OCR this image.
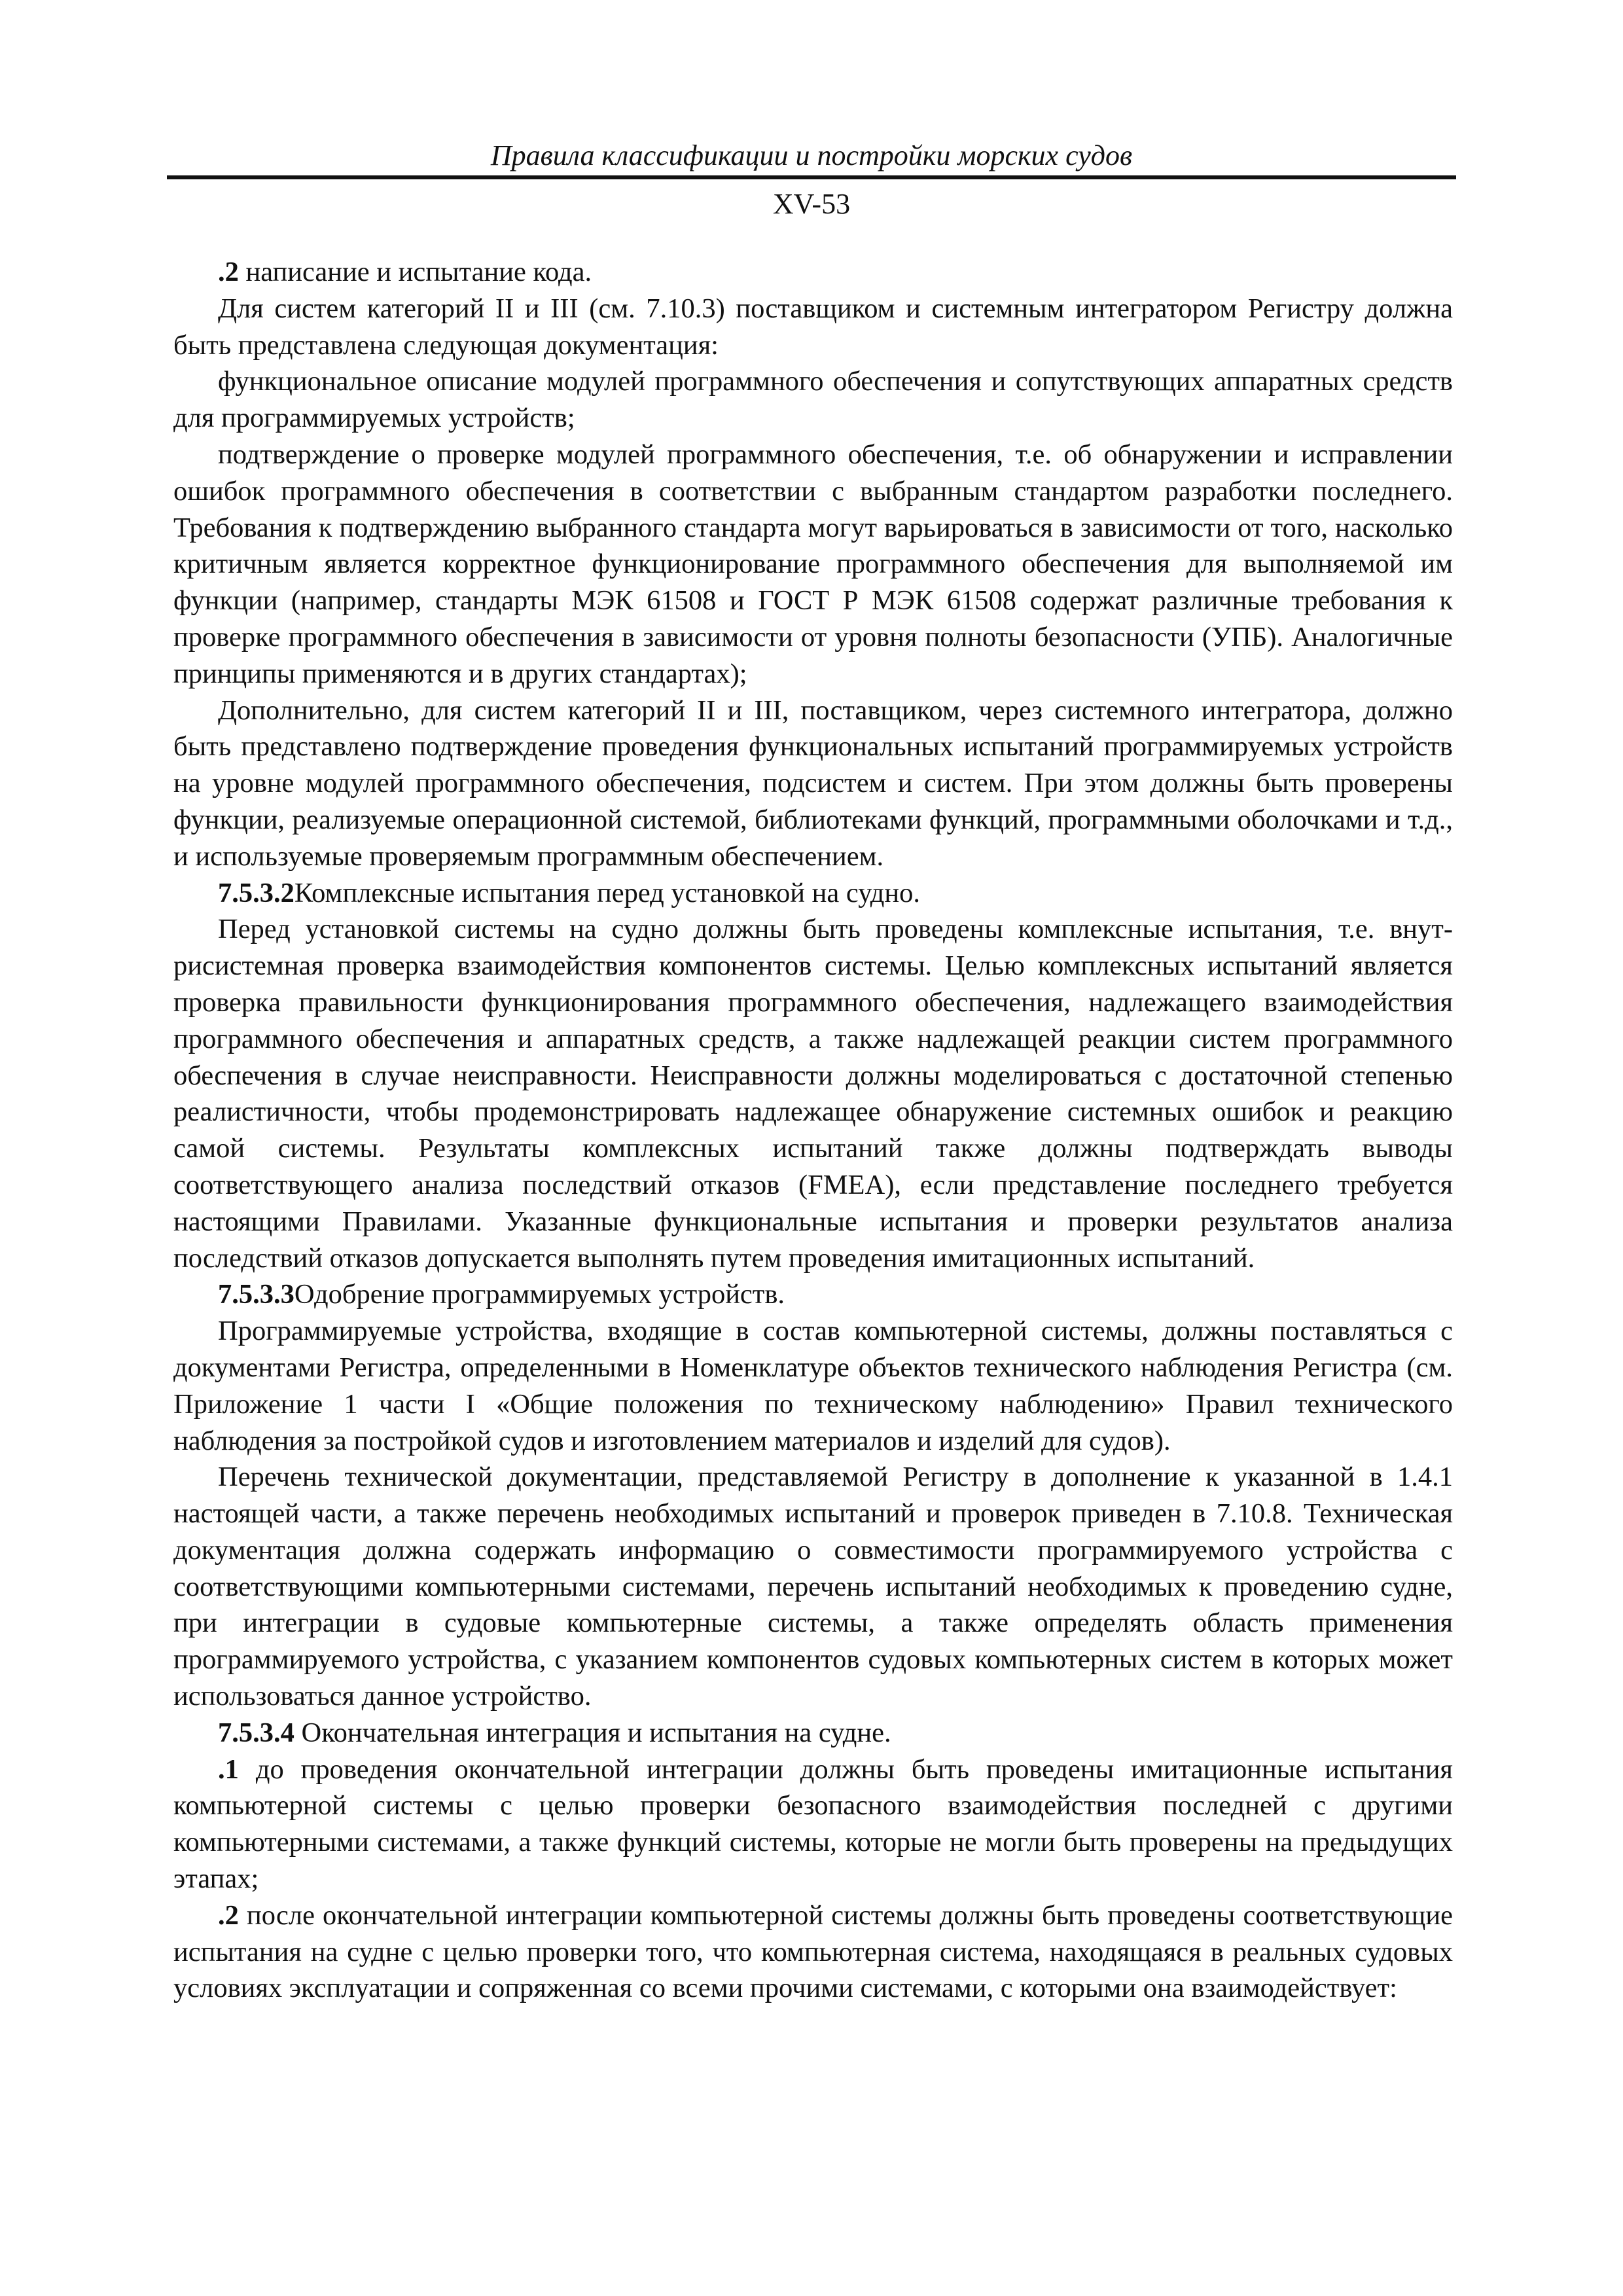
Правила классификации и постройки морских судов
XV-53

.2 написание и испытание кода.

Для систем категорий II и III (см. 7.10.3) поставщиком и системным интегратором Регистру должна быть представлена следующая документация:

функциональное описание модулей программного обеспечения и сопутствующих аппаратных средств для программируемых устройств;

подтверждение о проверке модулей программного обеспечения, т.е. об обнаружении и исправлении ошибок программного обеспечения в соответствии с выбранным стандартом разработки последнего. Требования к подтверждению выбранного стандарта могут варьироваться в зависимости от того, насколько критичным является корректное функционирование программного обеспечения для выполняемой им функции (например, стандарты МЭК 61508 и ГОСТ Р МЭК 61508 содержат различные требования к проверке программного обеспечения в зависимости от уровня полноты безопасности (УПБ). Аналогичные принципы применяются и в других стандартах);

Дополнительно, для систем категорий II и III, поставщиком, через системного интегратора, должно быть представлено подтверждение проведения функциональных испытаний программируемых устройств на уровне модулей программного обеспечения, подсистем и систем. При этом должны быть проверены функции, реализуемые операционной системой, библиотеками функций, программными оболочками и т.д., и используемые проверяемым программным обеспечением.

7.5.3.2Комплексные испытания перед установкой на судно.

Перед установкой системы на судно должны быть проведены комплексные испытания, т.е. внутрисистемная проверка взаимодействия компонентов системы. Целью комплексных испытаний является проверка правильности функционирования программного обеспечения, надлежащего взаимодействия программного обеспечения и аппаратных средств, а также надлежащей реакции систем программного обеспечения в случае неисправности. Неисправности должны моделироваться с достаточной степенью реалистичности, чтобы продемонстрировать надлежащее обнаружение системных ошибок и реакцию самой системы. Результаты комплексных испытаний также должны подтверждать выводы соответствующего анализа последствий отказов (FMEA), если представление последнего требуется настоящими Правилами. Указанные функциональные испытания и проверки результатов анализа последствий отказов допускается выполнять путем проведения имитационных испытаний.

7.5.3.3Одобрение программируемых устройств.

Программируемые устройства, входящие в состав компьютерной системы, должны поставляться с документами Регистра, определенными в Номенклатуре объектов технического наблюдения Регистра (см. Приложение 1 части I «Общие положения по техническому наблюдению» Правил технического наблюдения за постройкой судов и изготовлением материалов и изделий для судов).

Перечень технической документации, представляемой Регистру в дополнение к указанной в 1.4.1 настоящей части, а также перечень необходимых испытаний и проверок приведен в 7.10.8. Техническая документация должна содержать информацию о совместимости программируемого устройства с соответствующими компьютерными системами, перечень испытаний необходимых к проведению судне, при интеграции в судовые компьютерные системы, а также определять область применения программируемого устройства, с указанием компонентов судовых компьютерных систем в которых может использоваться данное устройство.

7.5.3.4 Окончательная интеграция и испытания на судне.

.1 до проведения окончательной интеграции должны быть проведены имитационные испытания компьютерной системы с целью проверки безопасного взаимодействия последней с другими компьютерными системами, а также функций системы, которые не могли быть проверены на предыдущих этапах;

.2 после окончательной интеграции компьютерной системы должны быть проведены соответствующие испытания на судне с целью проверки того, что компьютерная система, находящаяся в реальных судовых условиях эксплуатации и сопряженная со всеми прочими системами, с которыми она взаимодействует:
